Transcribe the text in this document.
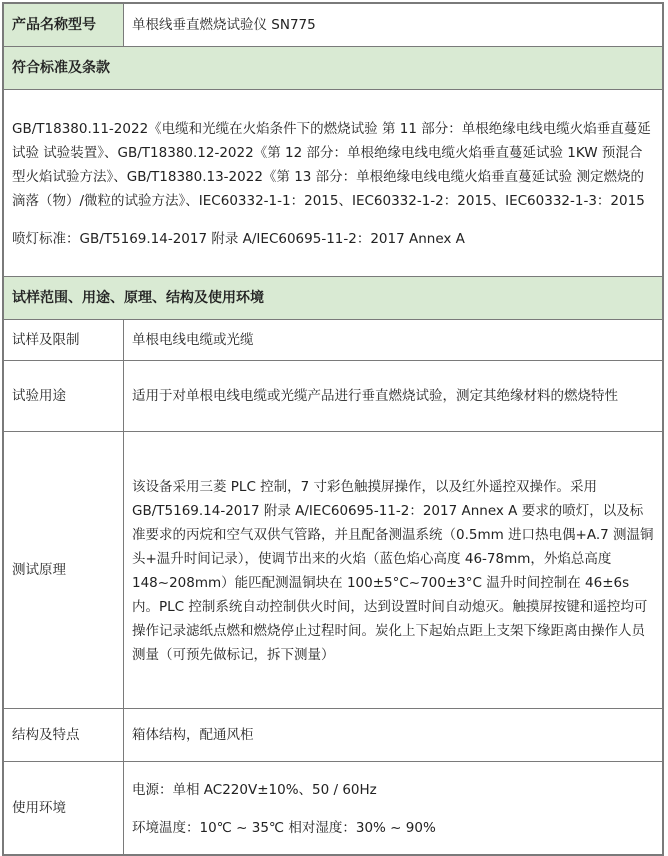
产品名称型号	单根线垂直燃烧试验仪 SN775
符合标准及条款	

GB/T18380.11-2022《电缆和光缆在火焰条件下的燃烧试验 第 11 部分：单根绝缘电线电缆火焰垂直蔓延试验 试验装置》、GB/T18380.12-2022《第 12 部分：单根绝缘电线电缆火焰垂直蔓延试验 1KW 预混合型火焰试验方法》、GB/T18380.13-2022《第 13 部分：单根绝缘电线电缆火焰垂直蔓延试验 测定燃烧的滴落（物）/微粒的试验方法》、IEC60332-1-1：2015、IEC60332-1-2：2015、IEC60332-1-3：2015

喷灯标准：GB/T5169.14-2017 附录 A/IEC60695-11-2：2017 Annex A	

试样范围、用途、原理、结构及使用环境	
试样及限制	单根电线电缆或光缆
试验用途	适用于对单根电线电缆或光缆产品进行垂直燃烧试验，测定其绝缘材料的燃烧特性
测试原理	该设备采用三菱 PLC 控制，7 寸彩色触摸屏操作，以及红外遥控双操作。采用 GB/T5169.14-2017 附录 A/IEC60695-11-2：2017 Annex A 要求的喷灯，以及标准要求的丙烷和空气双供气管路，并且配备测温系统（0.5mm 进口热电偶+A.7 测温铜头+温升时间记录），使调节出来的火焰（蓝色焰心高度 46-78mm，外焰总高度 148~208mm）能匹配测温铜块在 100±5°C~700±3°C 温升时间控制在 46±6s 内。PLC 控制系统自动控制供火时间，达到设置时间自动熄灭。触摸屏按键和遥控均可操作记录滤纸点燃和燃烧停止过程时间。炭化上下起始点距上支架下缘距离由操作人员测量（可预先做标记，拆下测量）

结构及特点	箱体结构，配通风柜
使用环境	电源：单相 AC220V±10%、50 / 60Hz

环境温度：10℃ ~ 35℃ 相对湿度：30% ~ 90%
